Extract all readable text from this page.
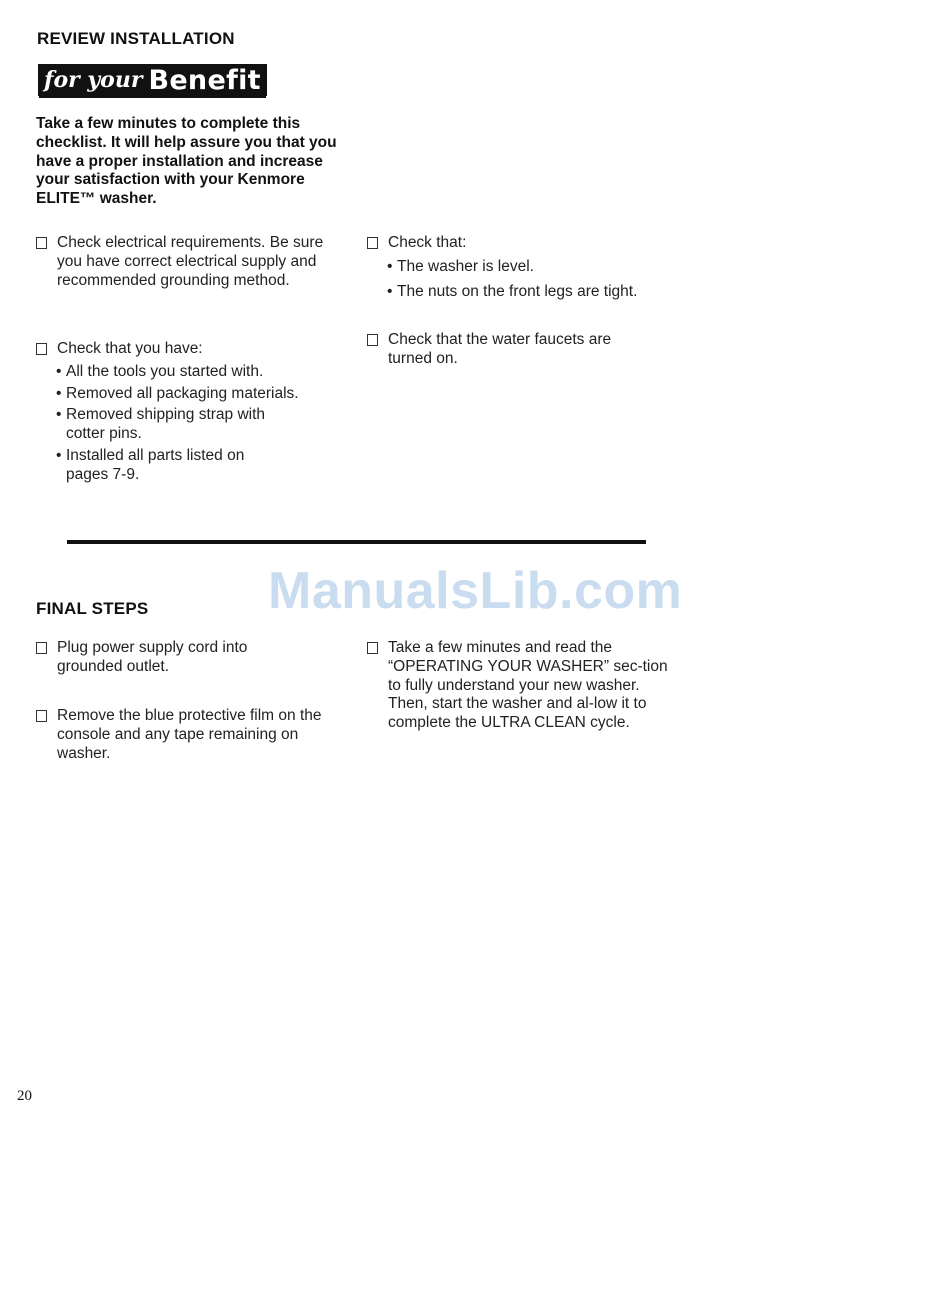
REVIEW INSTALLATION
for your Benefit
Take a few minutes to complete this checklist. It will help assure you that you have a proper installation and increase your satisfaction with your Kenmore ELITE™ washer.
Check electrical requirements. Be sure you have correct electrical supply and recommended grounding method.
Check that you have:
• All the tools you started with.
• Removed all packaging materials.
• Removed shipping strap with cotter pins.
• Installed all parts listed on pages 7-9.
Check that:
• The washer is level.
• The nuts on the front legs are tight.
Check that the water faucets are turned on.
ManualsLib.com
FINAL STEPS
Plug power supply cord into grounded outlet.
Remove the blue protective film on the console and any tape remaining on washer.
Take a few minutes and read the “OPERATING YOUR WASHER” sec-tion to fully understand your new washer. Then, start the washer and al-low it to complete the ULTRA CLEAN cycle.
20
